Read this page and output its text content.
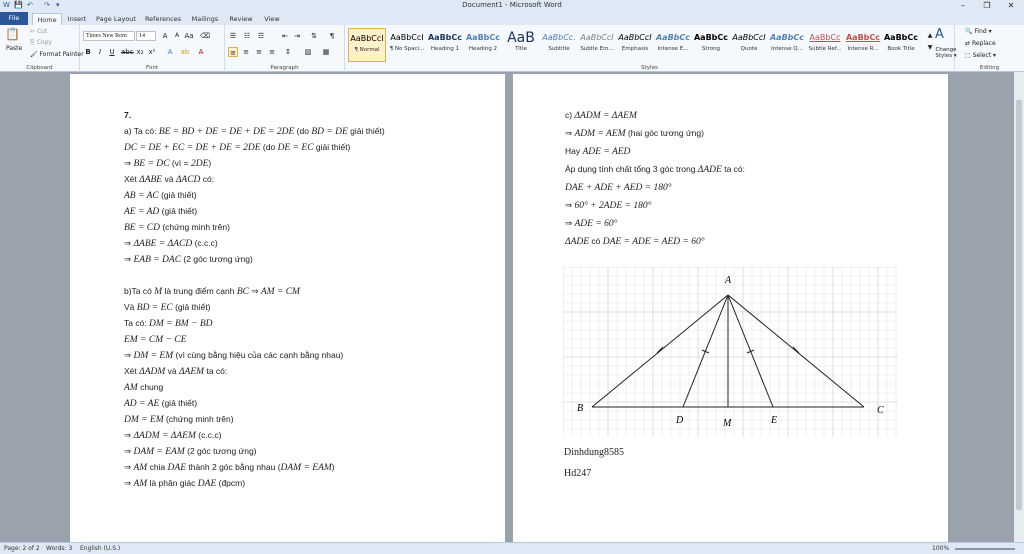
W 💾 ↶ ↷ ▾	Document1 - Microsoft Word	–	❐	✕
File	Home	Insert	Page Layout	References	Mailings	Review	View
📋
Paste
✂ Cut
⎘ Copy
🖌 Format Painter
Clipboard
Times New Rom	14	A	A Aa ⌫
B	I	U abc x₂ x²	A	ab	A
Font
☰ ☷ ☲	⇤ ⇥ ⇅	¶
≡ ≡ ≡ ≡ ↕ ▨ ▦
Paragraph
AaBbCcI
¶ Normal
AaBbCcI
¶ No Spaci...
AaBbCc
Heading 1
AaBbCc
Heading 2
AaB
Title
AaBbCc.
Subtitle
AaBbCcI
Subtle Em...
AaBbCcI
Emphasis
AaBbCc
Intense E...
AaBbCc
Strong
AaBbCcI
Quote
AaBbCc
Intense Q...
AaBbCc
Subtle Ref...
AaBbCc
Intense R...
AaBbCc
Book Title
▲
▼
Styles
A
Change Styles ▾
🔍 Find ▾
⇄ Replace
⬚ Select ▾
Editing
7.
a) Ta có: BE = BD + DE = DE + DE = 2DE (do BD = DE giải thiết)
DC = DE + EC = DE + DE = 2DE (do DE = EC giải thiết)
⇒ BE = DC (vì = 2DE)
Xét ΔABE và ΔACD có:
AB = AC (giả thiết)
AE = AD (giả thiết)
BE = CD (chứng minh trên)
⇒ ΔABE = ΔACD (c.c.c)
⇒ EAB = DAC (2 góc tương ứng)
b)Ta có M là trung điểm cạnh BC ⇒ AM = CM
Và BD = EC (giả thiết)
Ta có: DM = BM − BD
EM = CM − CE
⇒ DM = EM (vì cùng bằng hiệu của các cạnh bằng nhau)
Xét ΔADM và ΔAEM ta có:
AM chung
AD = AE (giả thiết)
DM = EM (chứng minh trên)
⇒ ΔADM = ΔAEM (c.c.c)
⇒ DAM = EAM (2 góc tương ứng)
⇒ AM chia DAE thành 2 góc bằng nhau (DAM = EAM)
⇒ AM là phân giác DAE (đpcm)
c) ΔADM = ΔAEM
⇒ ADM = AEM (hai góc tương ứng)
Hay ADE = AED
Áp dụng tính chất tổng 3 góc trong ΔADE ta có:
DAE + ADE + AED = 180°
⇒ 60° + 2ADE = 180°
⇒ ADE = 60°
ΔADE có DAE = ADE = AED = 60°
A
B	C
D	M	E
Dinhdung8585
Hd247
Page: 2 of 2 Words: 3 English (U.S.)	100%
